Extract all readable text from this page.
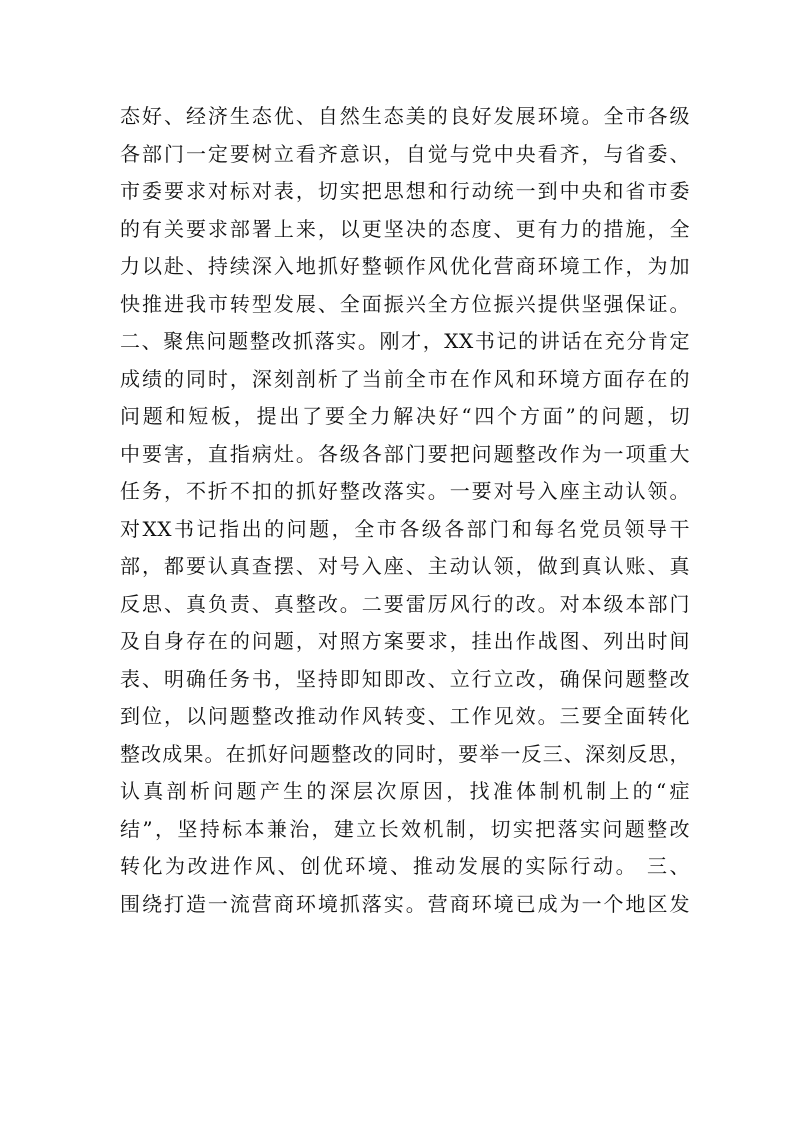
态好、经济生态优、自然生态美的良好发展环境。全市各级
各部门一定要树立看齐意识，自觉与党中央看齐，与省委、
市委要求对标对表，切实把思想和行动统一到中央和省市委
的有关要求部署上来，以更坚决的态度、更有力的措施，全
力以赴、持续深入地抓好整顿作风优化营商环境工作，为加
快推进我市转型发展、全面振兴全方位振兴提供坚强保证。
二、聚焦问题整改抓落实。刚才，XX书记的讲话在充分肯定
成绩的同时，深刻剖析了当前全市在作风和环境方面存在的
问题和短板，提出了要全力解决好“四个方面”的问题，切
中要害，直指病灶。各级各部门要把问题整改作为一项重大
任务，不折不扣的抓好整改落实。一要对号入座主动认领。
对XX书记指出的问题，全市各级各部门和每名党员领导干
部，都要认真查摆、对号入座、主动认领，做到真认账、真
反思、真负责、真整改。二要雷厉风行的改。对本级本部门
及自身存在的问题，对照方案要求，挂出作战图、列出时间
表、明确任务书，坚持即知即改、立行立改，确保问题整改
到位，以问题整改推动作风转变、工作见效。三要全面转化
整改成果。在抓好问题整改的同时，要举一反三、深刻反思，
认真剖析问题产生的深层次原因，找准体制机制上的“症
结”，坚持标本兼治，建立长效机制，切实把落实问题整改
转化为改进作风、创优环境、推动发展的实际行动。 三、
围绕打造一流营商环境抓落实。营商环境已成为一个地区发
